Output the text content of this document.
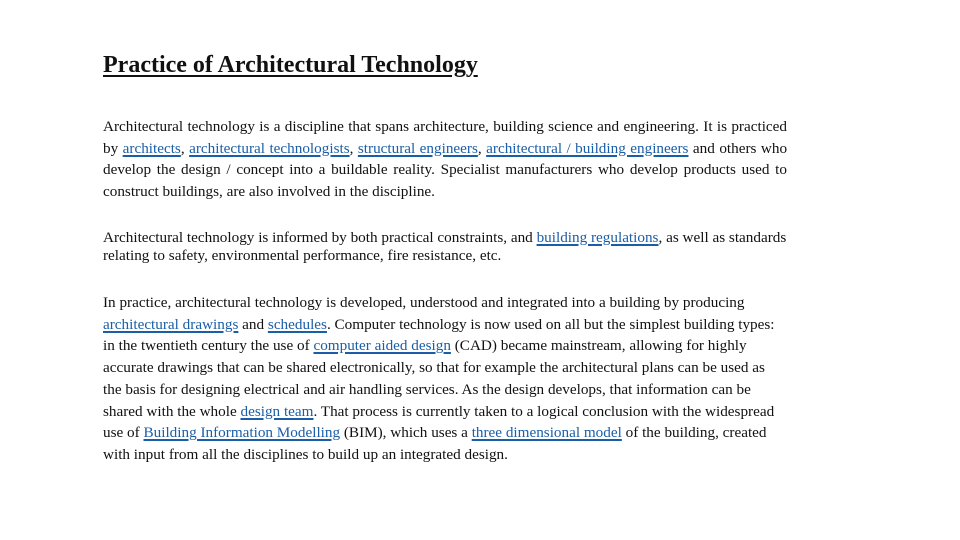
Practice of Architectural Technology

Architectural technology is a discipline that spans architecture, building science and engineering. It is practiced by architects, architectural technologists, structural engineers, architectural / building engineers and others who develop the design / concept into a buildable reality. Specialist manufacturers who develop products used to construct buildings, are also involved in the discipline.

Architectural technology is informed by both practical constraints, and building regulations, as well as standards relating to safety, environmental performance, fire resistance, etc.

In practice, architectural technology is developed, understood and integrated into a building by producing architectural drawings and schedules. Computer technology is now used on all but the simplest building types: in the twentieth century the use of computer aided design (CAD) became mainstream, allowing for highly accurate drawings that can be shared electronically, so that for example the architectural plans can be used as the basis for designing electrical and air handling services. As the design develops, that information can be shared with the whole design team. That process is currently taken to a logical conclusion with the widespread use of Building Information Modelling (BIM), which uses a three dimensional model of the building, created with input from all the disciplines to build up an integrated design.
